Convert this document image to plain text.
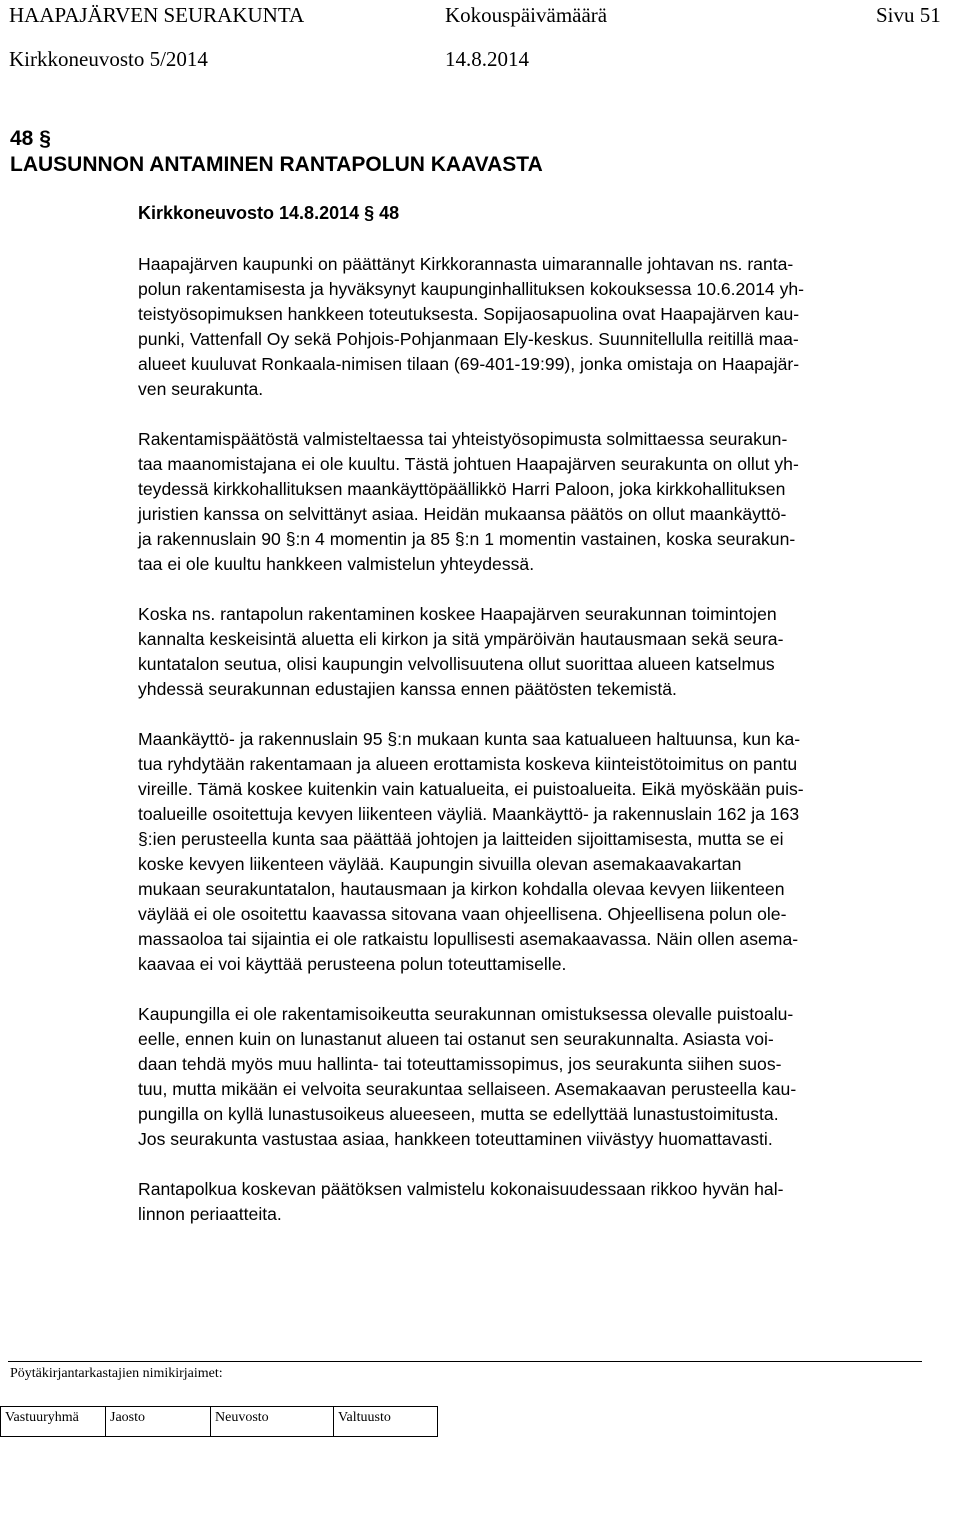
HAAPAJÄRVEN SEURAKUNTA	Kokouspäivämäärä	Sivu 51
Kirkkoneuvosto 5/2014	14.8.2014
48 §
LAUSUNNON ANTAMINEN RANTAPOLUN KAAVASTA
Kirkkoneuvosto 14.8.2014 § 48

Haapajärven kaupunki on päättänyt Kirkkorannasta uimarannalle johtavan ns. ranta-
polun rakentamisesta ja hyväksynyt kaupunginhallituksen kokouksessa 10.6.2014 yh-
teistyösopimuksen hankkeen toteutuksesta. Sopijaosapuolina ovat Haapajärven kau-
punki, Vattenfall Oy sekä Pohjois-Pohjanmaan Ely-keskus. Suunnitellulla reitillä maa-
alueet kuuluvat Ronkaala-nimisen tilaan (69-401-19:99), jonka omistaja on Haapajär-
ven seurakunta.

Rakentamispäätöstä valmisteltaessa tai yhteistyösopimusta solmittaessa seurakun-
taa maanomistajana ei ole kuultu. Tästä johtuen Haapajärven seurakunta on ollut yh-
teydessä kirkkohallituksen maankäyttöpäällikkö Harri Paloon, joka kirkkohallituksen
juristien kanssa on selvittänyt asiaa. Heidän mukaansa päätös on ollut maankäyttö-
ja rakennuslain 90 §:n 4 momentin ja 85 §:n 1 momentin vastainen, koska seurakun-
taa ei ole kuultu hankkeen valmistelun yhteydessä.

Koska ns. rantapolun rakentaminen koskee Haapajärven seurakunnan toimintojen
kannalta keskeisintä aluetta eli kirkon ja sitä ympäröivän hautausmaan sekä seura-
kuntatalon seutua, olisi kaupungin velvollisuutena ollut suorittaa alueen katselmus
yhdessä seurakunnan edustajien kanssa ennen päätösten tekemistä.

Maankäyttö- ja rakennuslain 95 §:n mukaan kunta saa katualueen haltuunsa, kun ka-
tua ryhdytään rakentamaan ja alueen erottamista koskeva kiinteistötoimitus on pantu
vireille. Tämä koskee kuitenkin vain katualueita, ei puistoalueita. Eikä myöskään puis-
toalueille osoitettuja kevyen liikenteen väyliä. Maankäyttö- ja rakennuslain 162 ja 163
§:ien perusteella kunta saa päättää johtojen ja laitteiden sijoittamisesta, mutta se ei
koske kevyen liikenteen väylää. Kaupungin sivuilla olevan asemakaavakartan
mukaan seurakuntatalon, hautausmaan ja kirkon kohdalla olevaa kevyen liikenteen
väylää ei ole osoitettu kaavassa sitovana vaan ohjeellisena. Ohjeellisena polun ole-
massaoloa tai sijaintia ei ole ratkaistu lopullisesti asemakaavassa. Näin ollen asema-
kaavaa ei voi käyttää perusteena polun toteuttamiselle.

Kaupungilla ei ole rakentamisoikeutta seurakunnan omistuksessa olevalle puistoalu-
eelle, ennen kuin on lunastanut alueen tai ostanut sen seurakunnalta. Asiasta voi-
daan tehdä myös muu hallinta- tai toteuttamissopimus, jos seurakunta siihen suos-
tuu, mutta mikään ei velvoita seurakuntaa sellaiseen. Asemakaavan perusteella kau-
pungilla on kyllä lunastusoikeus alueeseen, mutta se edellyttää lunastustoimitusta.
Jos seurakunta vastustaa asiaa, hankkeen toteuttaminen viivästyy huomattavasti.

Rantapolkua koskevan päätöksen valmistelu kokonaisuudessaan rikkoo hyvän hal-
linnon periaatteita.

Pöytäkirjantarkastajien nimikirjaimet:
Vastuuryhmä	Jaosto	Neuvosto	Valtuusto
